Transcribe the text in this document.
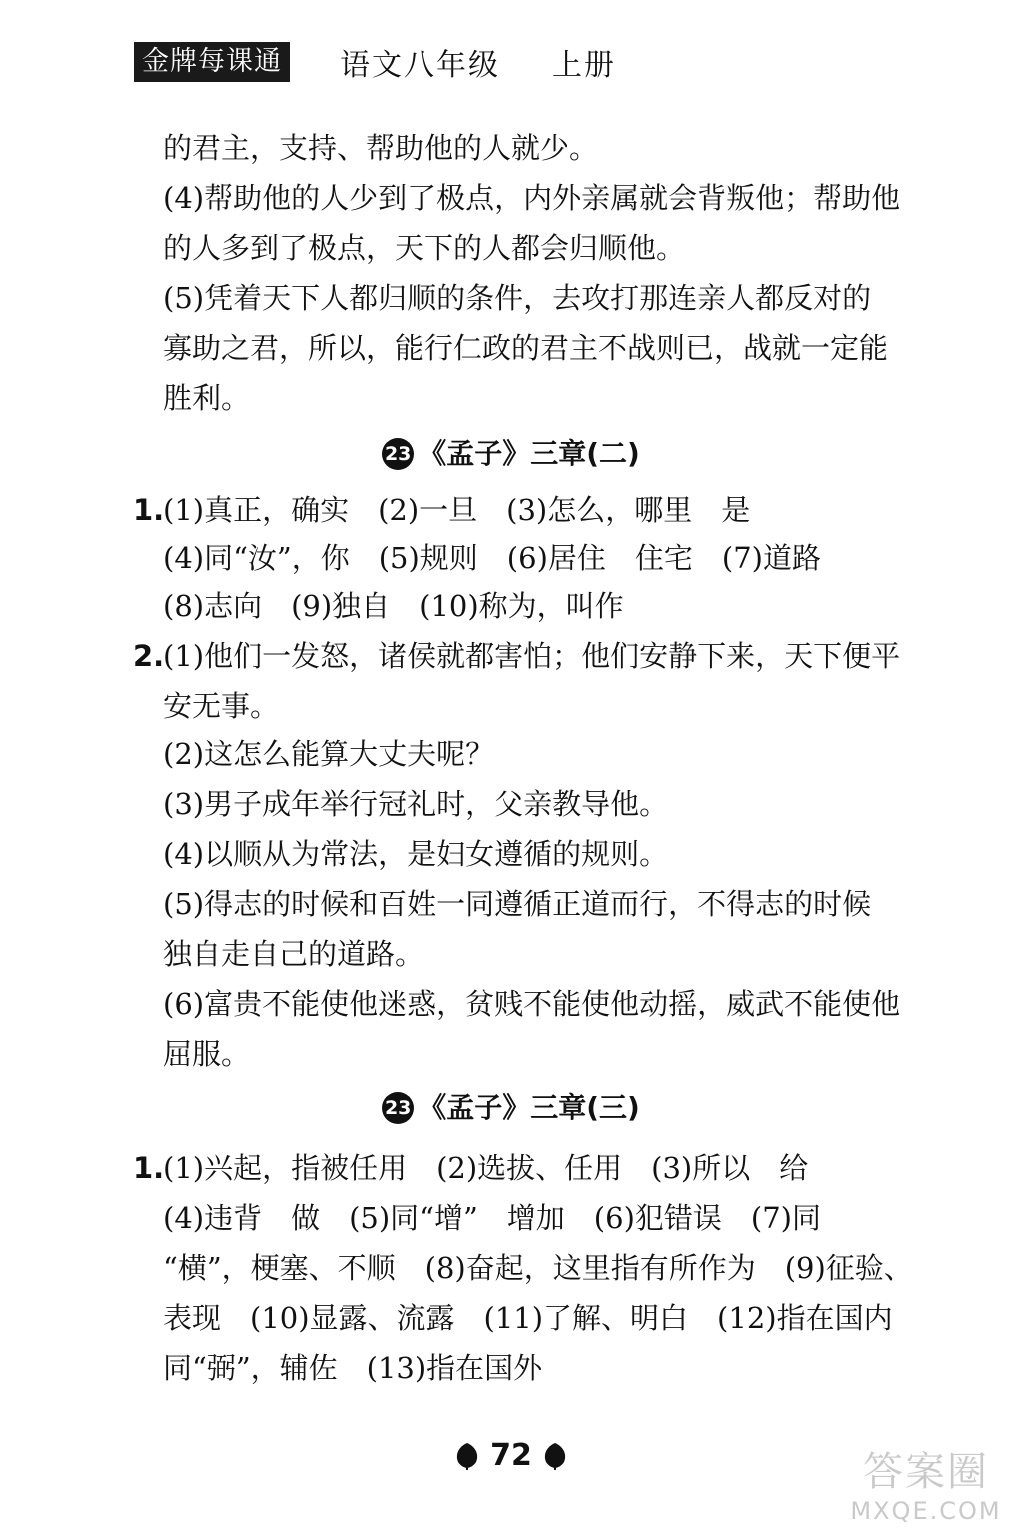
金牌每课通 语文八年级 上册
的君主，支持、帮助他的人就少。
(4)帮助他的人少到了极点，内外亲属就会背叛他；帮助他
的人多到了极点，天下的人都会归顺他。
(5)凭着天下人都归顺的条件，去攻打那连亲人都反对的
寡助之君，所以，能行仁政的君主不战则已，战就一定能
胜利。
23 《孟子》三章(二)
1.
(1)真正，确实　(2)一旦　(3)怎么，哪里　是
(4)同“汝”，你　(5)规则　(6)居住　住宅　(7)道路
(8)志向　(9)独自　(10)称为，叫作
2.
(1)他们一发怒，诸侯就都害怕；他们安静下来，天下便平
安无事。
(2)这怎么能算大丈夫呢？
(3)男子成年举行冠礼时，父亲教导他。
(4)以顺从为常法，是妇女遵循的规则。
(5)得志的时候和百姓一同遵循正道而行，不得志的时候
独自走自己的道路。
(6)富贵不能使他迷惑，贫贱不能使他动摇，威武不能使他
屈服。
23 《孟子》三章(三)
1.
(1)兴起，指被任用　(2)选拔、任用　(3)所以　给
(4)违背　做　(5)同“增”　增加　(6)犯错误　(7)同
“横”，梗塞、不顺　(8)奋起，这里指有所作为　(9)征验、
表现　(10)显露、流露　(11)了解、明白　(12)指在国内
同“弼”，辅佐　(13)指在国外
72	答案圈
MXQE.COM
